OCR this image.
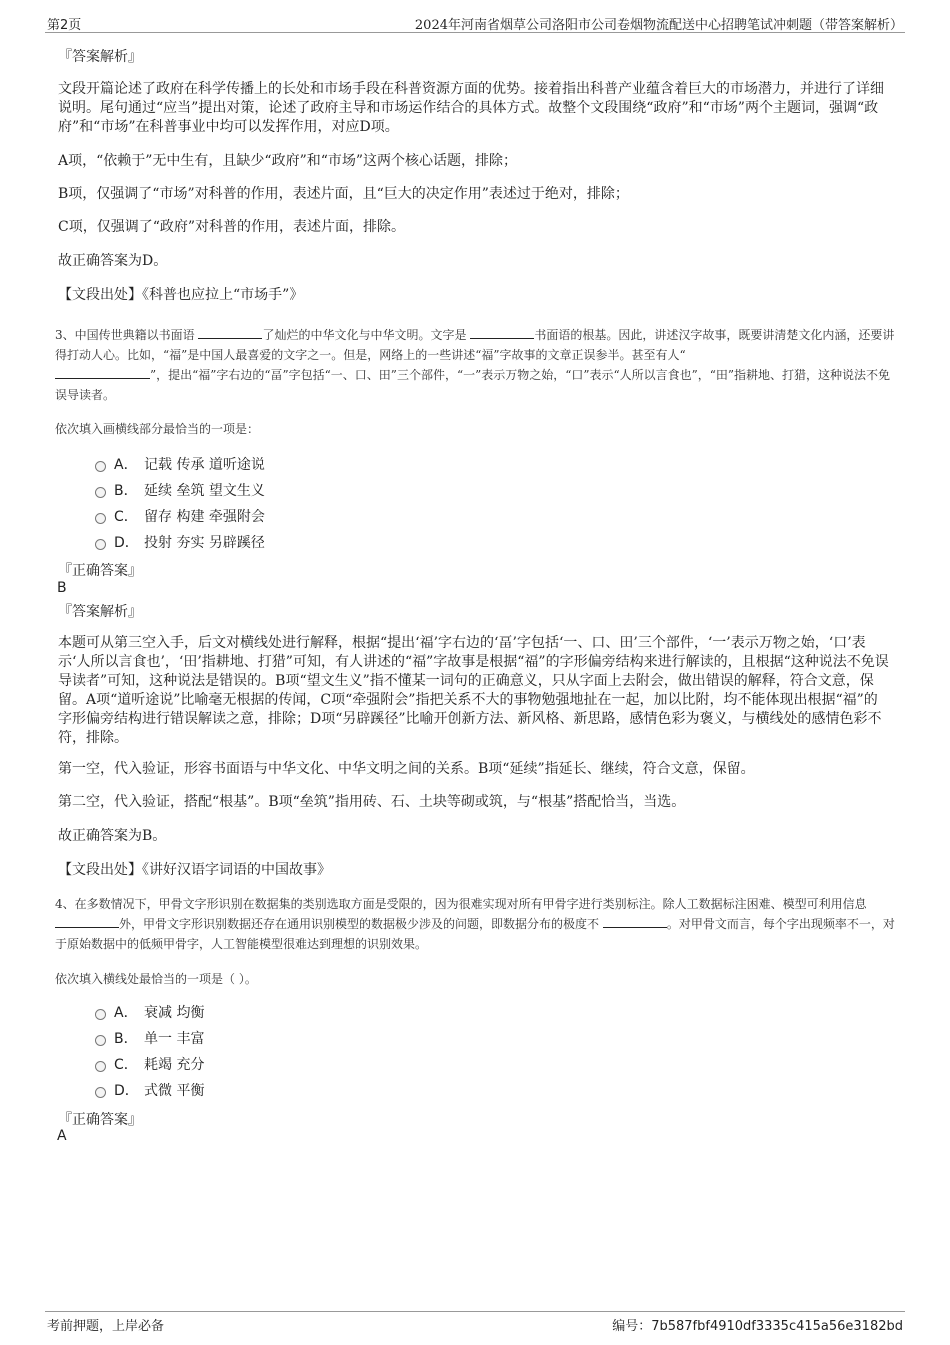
第2页	2024年河南省烟草公司洛阳市公司卷烟物流配送中心招聘笔试冲刺题（带答案解析）
『答案解析』
文段开篇论述了政府在科学传播上的长处和市场手段在科普资源方面的优势。接着指出科普产业蕴含着巨大的市场潜力，并进行了详细说明。尾句通过“应当”提出对策，论述了政府主导和市场运作结合的具体方式。故整个文段围绕“政府”和“市场”两个主题词，强调“政府”和“市场”在科普事业中均可以发挥作用，对应D项。
A项，“依赖于”无中生有，且缺少“政府”和“市场”这两个核心话题，排除；
B项，仅强调了“市场”对科普的作用，表述片面，且“巨大的决定作用”表述过于绝对，排除；
C项，仅强调了“政府”对科普的作用，表述片面，排除。
故正确答案为D。
【文段出处】《科普也应拉上“市场手”》
3、中国传世典籍以书面语	了灿烂的中华文化与中华文明。文字是	书面语的根基。因此，讲述汉字故事，既要讲清楚文化内涵，还要讲得打动人心。比如，“福”是中国人最喜爱的文字之一。但是，网络上的一些讲述“福”字故事的文章正误参半。甚至有人“
”，提出“福”字右边的“畐”字包括“一、口、田”三个部件，“一”表示万物之始，“口”表示“人所以言食也”，“田”指耕地、打猎，这种说法不免误导读者。
依次填入画横线部分最恰当的一项是：
A． 记载 传承 道听途说
B． 延续 垒筑 望文生义
C． 留存 构建 牵强附会
D． 投射 夯实 另辟蹊径
『正确答案』
B
『答案解析』
本题可从第三空入手，后文对横线处进行解释，根据“提出‘福’字右边的‘畐’字包括‘一、口、田’三个部件，‘一’表示万物之始，‘口’表示‘人所以言食也’，‘田’指耕地、打猎”可知，有人讲述的“福”字故事是根据“福”的字形偏旁结构来进行解读的，且根据“这种说法不免误导读者”可知，这种说法是错误的。B项“望文生义”指不懂某一词句的正确意义，只从字面上去附会，做出错误的解释，符合文意，保留。A项“道听途说”比喻毫无根据的传闻，C项“牵强附会”指把关系不大的事物勉强地扯在一起，加以比附，均不能体现出根据“福”的字形偏旁结构进行错误解读之意，排除；D项“另辟蹊径”比喻开创新方法、新风格、新思路，感情色彩为褒义，与横线处的感情色彩不符，排除。
第一空，代入验证，形容书面语与中华文化、中华文明之间的关系。B项“延续”指延长、继续，符合文意，保留。
第二空，代入验证，搭配“根基”。B项“垒筑”指用砖、石、土块等砌或筑，与“根基”搭配恰当，当选。
故正确答案为B。
【文段出处】《讲好汉语字词语的中国故事》
4、在多数情况下，甲骨文字形识别在数据集的类别选取方面是受限的，因为很难实现对所有甲骨字进行类别标注。除人工数据标注困难、模型可利用信息 外，甲骨文字形识别数据还存在通用识别模型的数据极少涉及的问题，即数据分布的极度不	。对甲骨文而言，每个字出现频率不一，对于原始数据中的低频甲骨字，人工智能模型很难达到理想的识别效果。
依次填入横线处最恰当的一项是（ ）。
A． 衰减 均衡
B． 单一 丰富
C． 耗竭 充分
D． 式微 平衡
『正确答案』
A
考前押题，上岸必备	编号：7b587fbf4910df3335c415a56e3182bd
